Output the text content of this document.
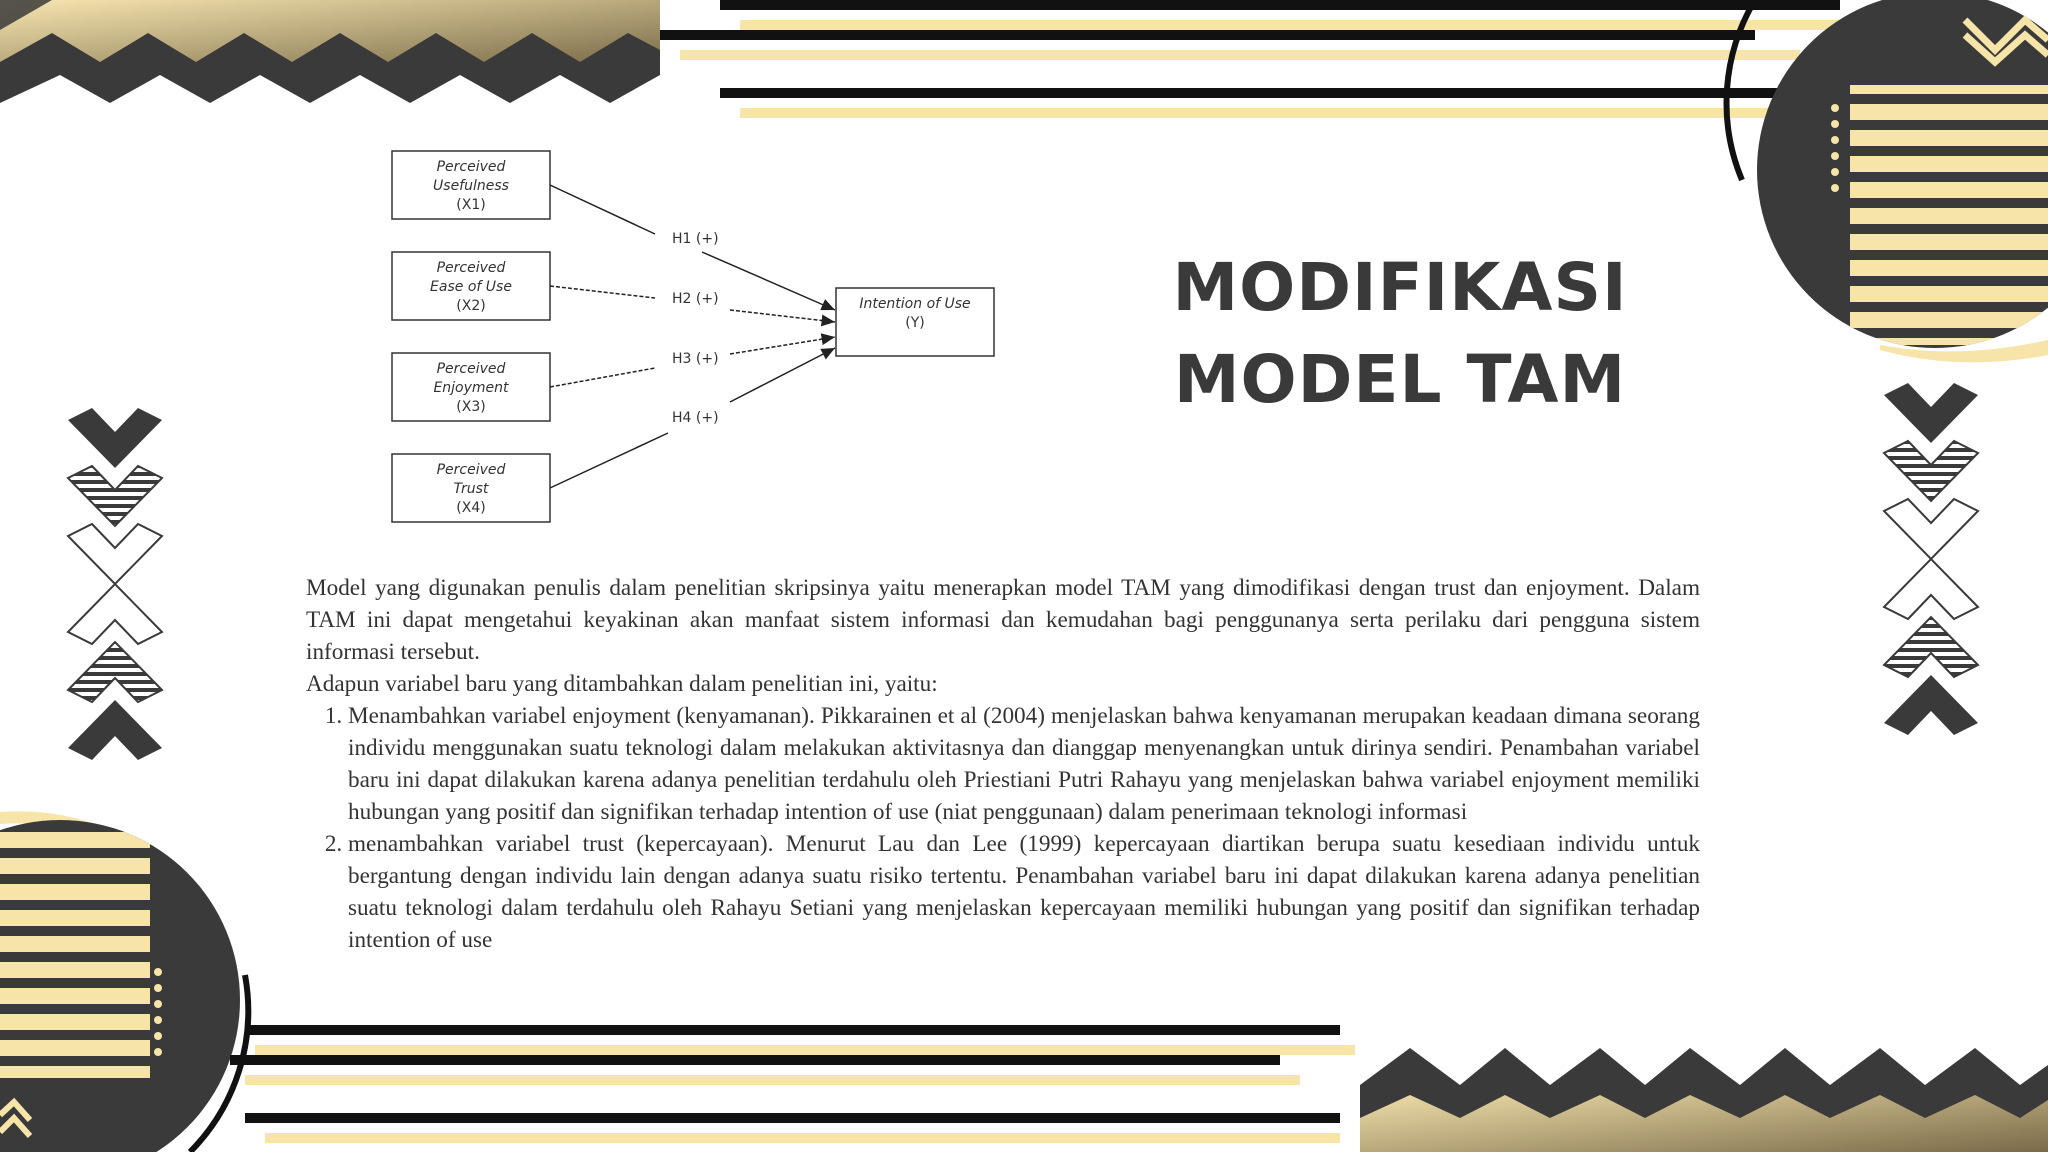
Perceived
Usefulness
(X1)
Perceived
Ease of Use
(X2)
Perceived
Enjoyment
(X3)
Perceived
Trust
(X4)
Intention of Use
(Y)
H1 (+)
H2 (+)
H3 (+)
H4 (+)
MODIFIKASI
MODEL TAM

Model yang digunakan penulis dalam penelitian skripsinya yaitu menerapkan model TAM yang dimodifikasi dengan trust dan enjoyment. Dalam TAM ini dapat mengetahui keyakinan akan manfaat sistem informasi dan kemudahan bagi penggunanya serta perilaku dari pengguna sistem informasi tersebut.

Adapun variabel baru yang ditambahkan dalam penelitian ini, yaitu:

1. Menambahkan variabel enjoyment (kenyamanan). Pikkarainen et al (2004) menjelaskan bahwa kenyamanan merupakan keadaan dimana seorang individu menggunakan suatu teknologi dalam melakukan aktivitasnya dan dianggap menyenangkan untuk dirinya sendiri. Penambahan variabel baru ini dapat dilakukan karena adanya penelitian terdahulu oleh Priestiani Putri Rahayu yang menjelaskan bahwa variabel enjoyment memiliki hubungan yang positif dan signifikan terhadap intention of use (niat penggunaan) dalam penerimaan teknologi informasi
2. menambahkan variabel trust (kepercayaan). Menurut Lau dan Lee (1999) kepercayaan diartikan berupa suatu kesediaan individu untuk bergantung dengan individu lain dengan adanya suatu risiko tertentu. Penambahan variabel baru ini dapat dilakukan karena adanya penelitian suatu teknologi dalam terdahulu oleh Rahayu Setiani yang menjelaskan kepercayaan memiliki hubungan yang positif dan signifikan terhadap intention of use
